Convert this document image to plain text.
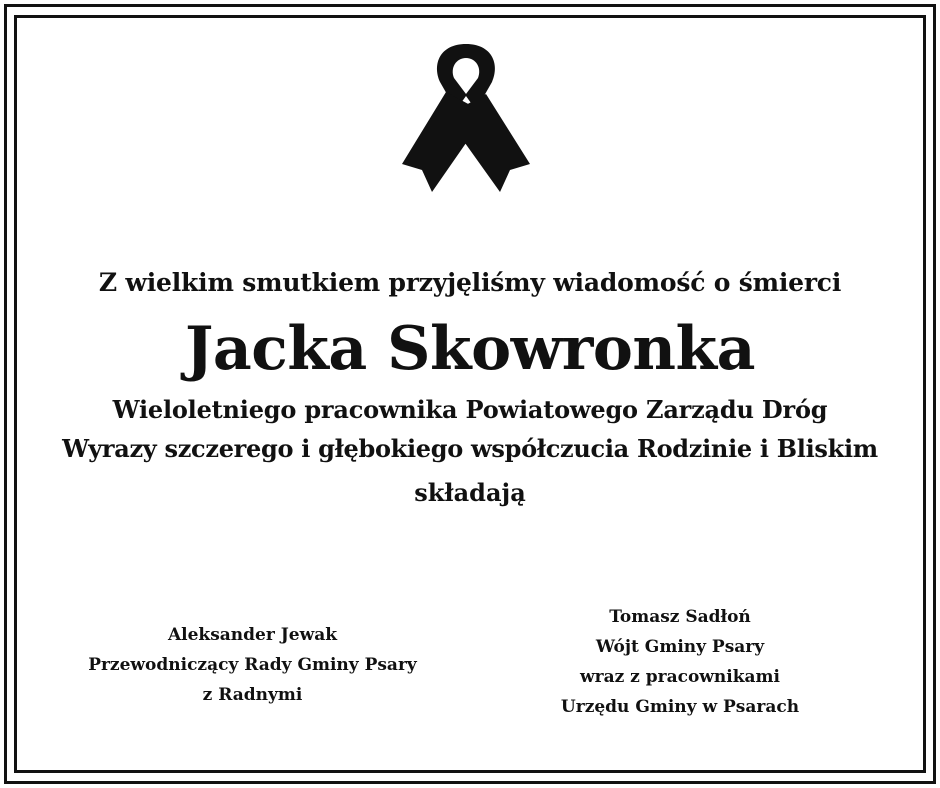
Z wielkim smutkiem przyjęliśmy wiadomość o śmierci
Jacka Skowronka
Wieloletniego pracownika Powiatowego Zarządu Dróg
Wyrazy szczerego i głębokiego współczucia Rodzinie i Bliskim
składają
Aleksander Jewak
Przewodniczący Rady Gminy Psary
z Radnymi
Tomasz Sadłoń
Wójt Gminy Psary
wraz z pracownikami
Urzędu Gminy w Psarach
